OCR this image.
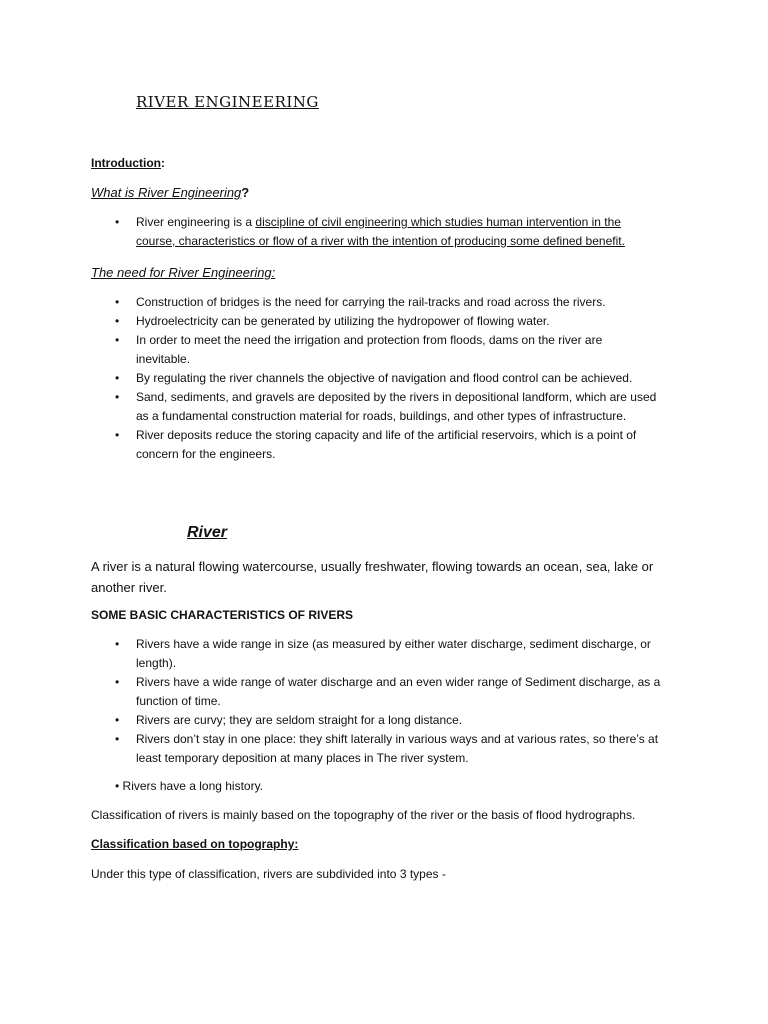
RIVER ENGINEERING
Introduction:
What is River Engineering?
• River engineering is a discipline of civil engineering which studies human intervention in the
course, characteristics or flow of a river with the intention of producing some defined benefit.
The need for River Engineering:
• Construction of bridges is the need for carrying the rail-tracks and road across the rivers.
• Hydroelectricity can be generated by utilizing the hydropower of flowing water.
• In order to meet the need the irrigation and protection from floods, dams on the river are inevitable.
• By regulating the river channels the objective of navigation and flood control can be achieved.
• Sand, sediments, and gravels are deposited by the rivers in depositional landform, which are used as a fundamental construction material for roads, buildings, and other types of infrastructure.
• River deposits reduce the storing capacity and life of the artificial reservoirs, which is a point of concern for the engineers.
River
A river is a natural flowing watercourse, usually freshwater, flowing towards an ocean, sea, lake or another river.
SOME BASIC CHARACTERISTICS OF RIVERS
• Rivers have a wide range in size (as measured by either water discharge, sediment discharge, or length).
• Rivers have a wide range of water discharge and an even wider range of Sediment discharge, as a function of time.
• Rivers are curvy; they are seldom straight for a long distance.
• Rivers don’t stay in one place: they shift laterally in various ways and at various rates, so there’s at least temporary deposition at many places in The river system.
• Rivers have a long history.
Classification of rivers is mainly based on the topography of the river or the basis of flood hydrographs.
Classification based on topography:
Under this type of classification, rivers are subdivided into 3 types -
